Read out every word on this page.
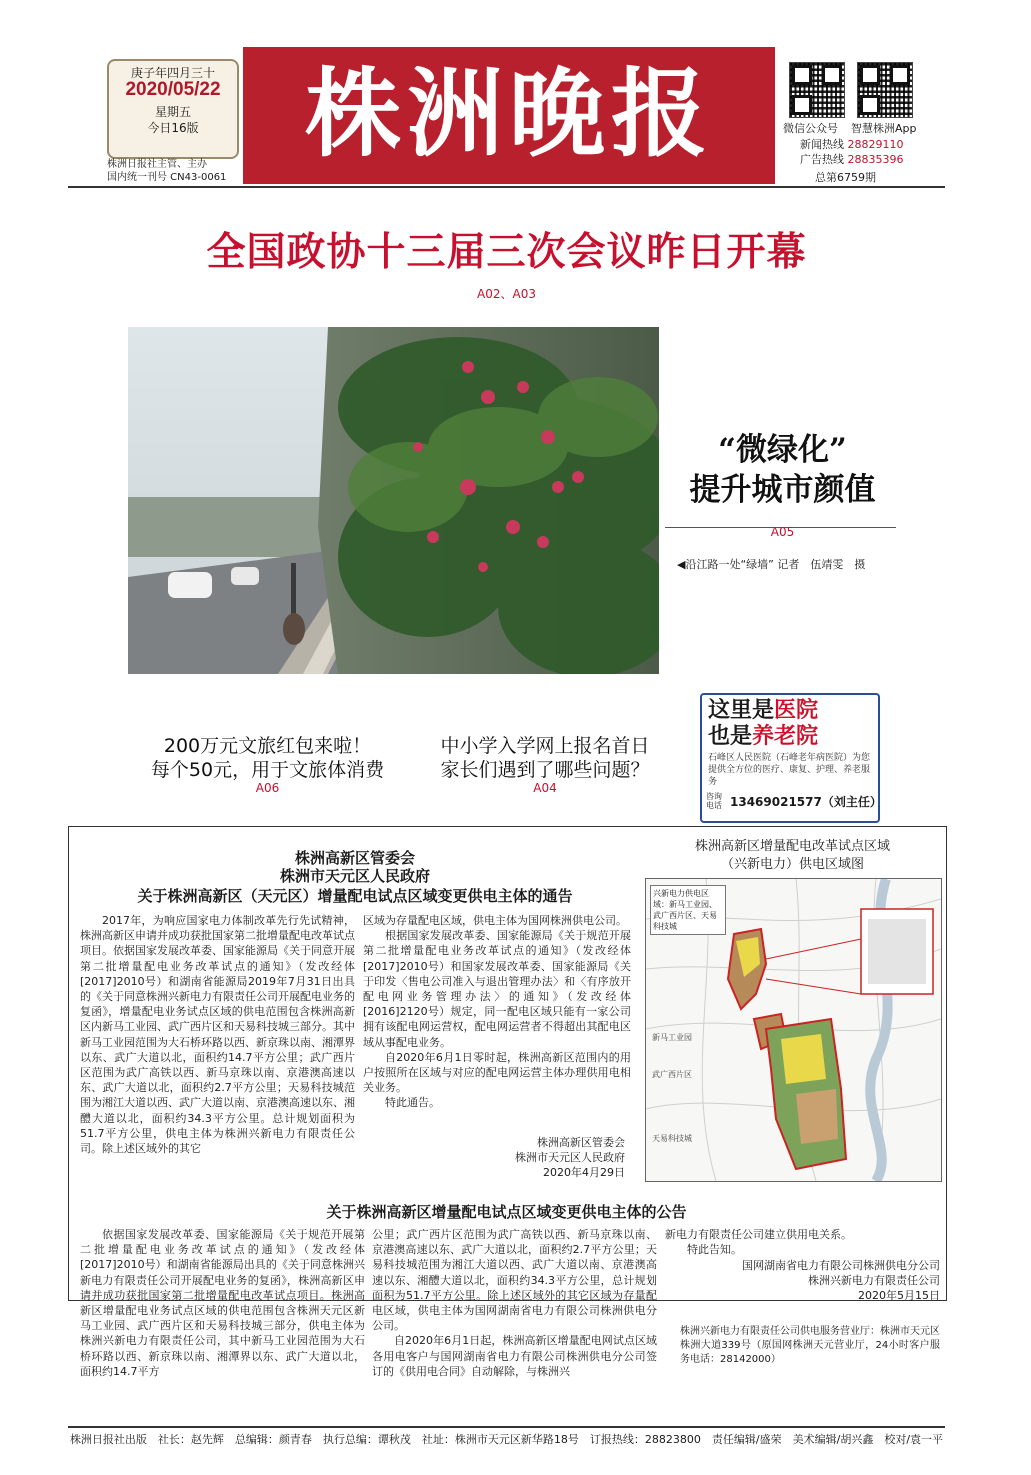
庚子年四月三十
2020/05/22
星期五
今日16版
株洲日报社主管、主办
国内统一刊号 CN43-0061
株洲晚报	微信公众号 智慧株洲App
新闻热线 28829110
广告热线 28835396
总第6759期
全国政协十三届三次会议昨日开幕
A02、A03
“微绿化”
提升城市颜值
A05
◀沿江路一处“绿墙” 记者　伍靖雯　摄
200万元文旅红包来啦！
每个50元，用于文旅体消费
A06
中小学入学网上报名首日
家长们遇到了哪些问题？
A04
这里是医院
也是养老院
石峰区人民医院（石峰老年病医院）为您提供全方位的医疗、康复、护理、养老服务
咨询
电话 13469021577（刘主任）
株洲高新区管委会
株洲市天元区人民政府
关于株洲高新区（天元区）增量配电试点区域变更供电主体的通告

2017年，为响应国家电力体制改革先行先试精神，株洲高新区申请并成功获批国家第二批增量配电改革试点项目。依据国家发展改革委、国家能源局《关于同意开展第二批增量配电业务改革试点的通知》（发改经体[2017]2010号）和湖南省能源局2019年7月31日出具的《关于同意株洲兴新电力有限责任公司开展配电业务的复函》，增量配电业务试点区域的供电范围包含株洲高新区内新马工业园、武广西片区和天易科技城三部分。其中新马工业园范围为大石桥环路以西、新京珠以南、湘潭界以东、武广大道以北，面积约14.7平方公里；武广西片区范围为武广高铁以西、新马京珠以南、京港澳高速以东、武广大道以北，面积约2.7平方公里；天易科技城范围为湘江大道以西、武广大道以南、京港澳高速以东、湘醴大道以北，面积约34.3平方公里。总计规划面积为51.7平方公里，供电主体为株洲兴新电力有限责任公司。除上述区域外的其它

区域为存量配电区域，供电主体为国网株洲供电公司。

根据国家发展改革委、国家能源局《关于规范开展第二批增量配电业务改革试点的通知》（发改经体[2017]2010号）和国家发展改革委、国家能源局《关于印发〈售电公司准入与退出管理办法〉和〈有序放开配电网业务管理办法〉的通知》（发改经体[2016]2120号）规定，同一配电区域只能有一家公司拥有该配电网运营权，配电网运营者不得超出其配电区域从事配电业务。

自2020年6月1日零时起，株洲高新区范围内的用户按照所在区域与对应的配电网运营主体办理供用电相关业务。

特此通告。

株洲高新区管委会
株洲市天元区人民政府
2020年4月29日
株洲高新区增量配电改革试点区域
（兴新电力）供电区域图
兴新电力供电区域：新马工业园、武广西片区、天易科技城
新马工业园
武广西片区
天易科技城
关于株洲高新区增量配电试点区域变更供电主体的公告

依据国家发展改革委、国家能源局《关于规范开展第二批增量配电业务改革试点的通知》（发改经体[2017]2010号）和湖南省能源局出具的《关于同意株洲兴新电力有限责任公司开展配电业务的复函》，株洲高新区申请并成功获批国家第二批增量配电改革试点项目。株洲高新区增量配电业务试点区域的供电范围包含株洲天元区新马工业园、武广西片区和天易科技城三部分，供电主体为株洲兴新电力有限责任公司，其中新马工业园范围为大石桥环路以西、新京珠以南、湘潭界以东、武广大道以北，面积约14.7平方

公里；武广西片区范围为武广高铁以西、新马京珠以南、京港澳高速以东、武广大道以北，面积约2.7平方公里；天易科技城范围为湘江大道以西、武广大道以南、京港澳高速以东、湘醴大道以北，面积约34.3平方公里，总计规划面积为51.7平方公里。除上述区域外的其它区域为存量配电区域，供电主体为国网湖南省电力有限公司株洲供电分公司。

自2020年6月1日起，株洲高新区增量配电网试点区域各用电客户与国网湖南省电力有限公司株洲供电分公司签订的《供用电合同》自动解除，与株洲兴

新电力有限责任公司建立供用电关系。

特此告知。

国网湖南省电力有限公司株洲供电分公司
株洲兴新电力有限责任公司
2020年5月15日
株洲兴新电力有限责任公司供电服务营业厅：株洲市天元区株洲大道339号（原国网株洲天元营业厅，24小时客户服务电话：28142000）
株洲日报社出版　社长：赵先辉　总编辑：颜青春　执行总编：谭秋茂　社址：株洲市天元区新华路18号　订报热线：28823800　责任编辑/盛荣　美术编辑/胡兴鑫　校对/袁一平
